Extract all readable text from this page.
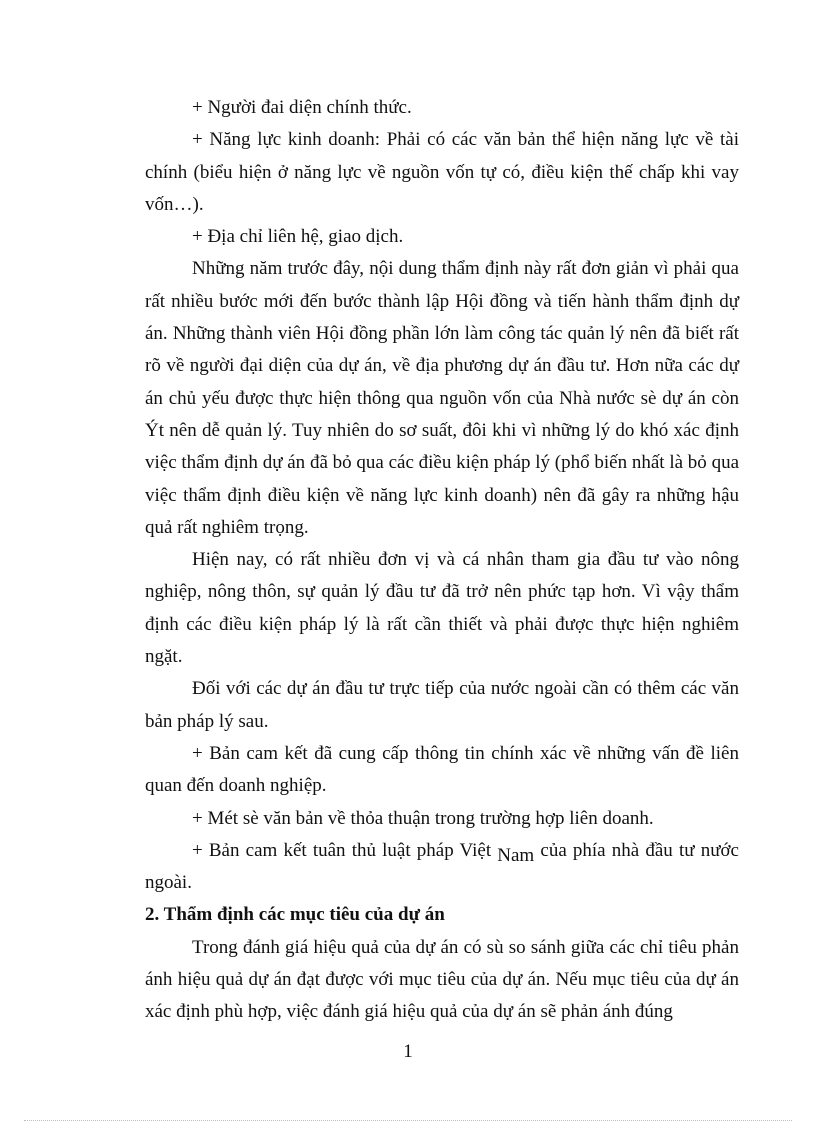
+ Người đai diện chính thức.

+ Năng lực kinh doanh: Phải có các văn bản thể hiện năng lực về tài chính (biểu hiện ở năng lực về nguồn vốn tự có, điều kiện thế chấp khi vay vốn…).

+ Địa chỉ liên hệ, giao dịch.

Những năm trước đây, nội dung thẩm định này rất đơn giản vì phải qua rất nhiều bước mới đến bước thành lập Hội đồng và tiến hành thẩm định dự án. Những thành viên Hội đồng phần lớn làm công tác quản lý nên đã biết rất rõ về người đại diện của dự án, về địa phương dự án đầu tư. Hơn nữa các dự án chủ yếu được thực hiện thông qua nguồn vốn của Nhà nước sè dự án còn Ýt nên dễ quản lý. Tuy nhiên do sơ suất, đôi khi vì những lý do khó xác định việc thẩm định dự án đã bỏ qua các điều kiện pháp lý (phổ biến nhất là bỏ qua việc thẩm định điều kiện về năng lực kinh doanh) nên đã gây ra những hậu quả rất nghiêm trọng.

Hiện nay, có rất nhiều đơn vị và cá nhân tham gia đầu tư vào nông nghiệp, nông thôn, sự quản lý đầu tư đã trở nên phức tạp hơn. Vì vậy thẩm định các điều kiện pháp lý là rất cần thiết và phải được thực hiện nghiêm ngặt.

Đối với các dự án đầu tư trực tiếp của nước ngoài cần có thêm các văn bản pháp lý sau.

+ Bản cam kết đã cung cấp thông tin chính xác về những vấn đề liên quan đến doanh nghiệp.

+ Mét sè văn bản về thỏa thuận trong trường hợp liên doanh.

+ Bản cam kết tuân thủ luật pháp Việt Nam của phía nhà đầu tư nước ngoài.

2. Thẩm định các mục tiêu của dự án

Trong đánh giá hiệu quả của dự án có sù so sánh giữa các chỉ tiêu phản ánh hiệu quả dự án đạt được với mục tiêu của dự án. Nếu mục tiêu của dự án xác định phù hợp, việc đánh giá hiệu quả của dự án sẽ phản ánh đúng

1
